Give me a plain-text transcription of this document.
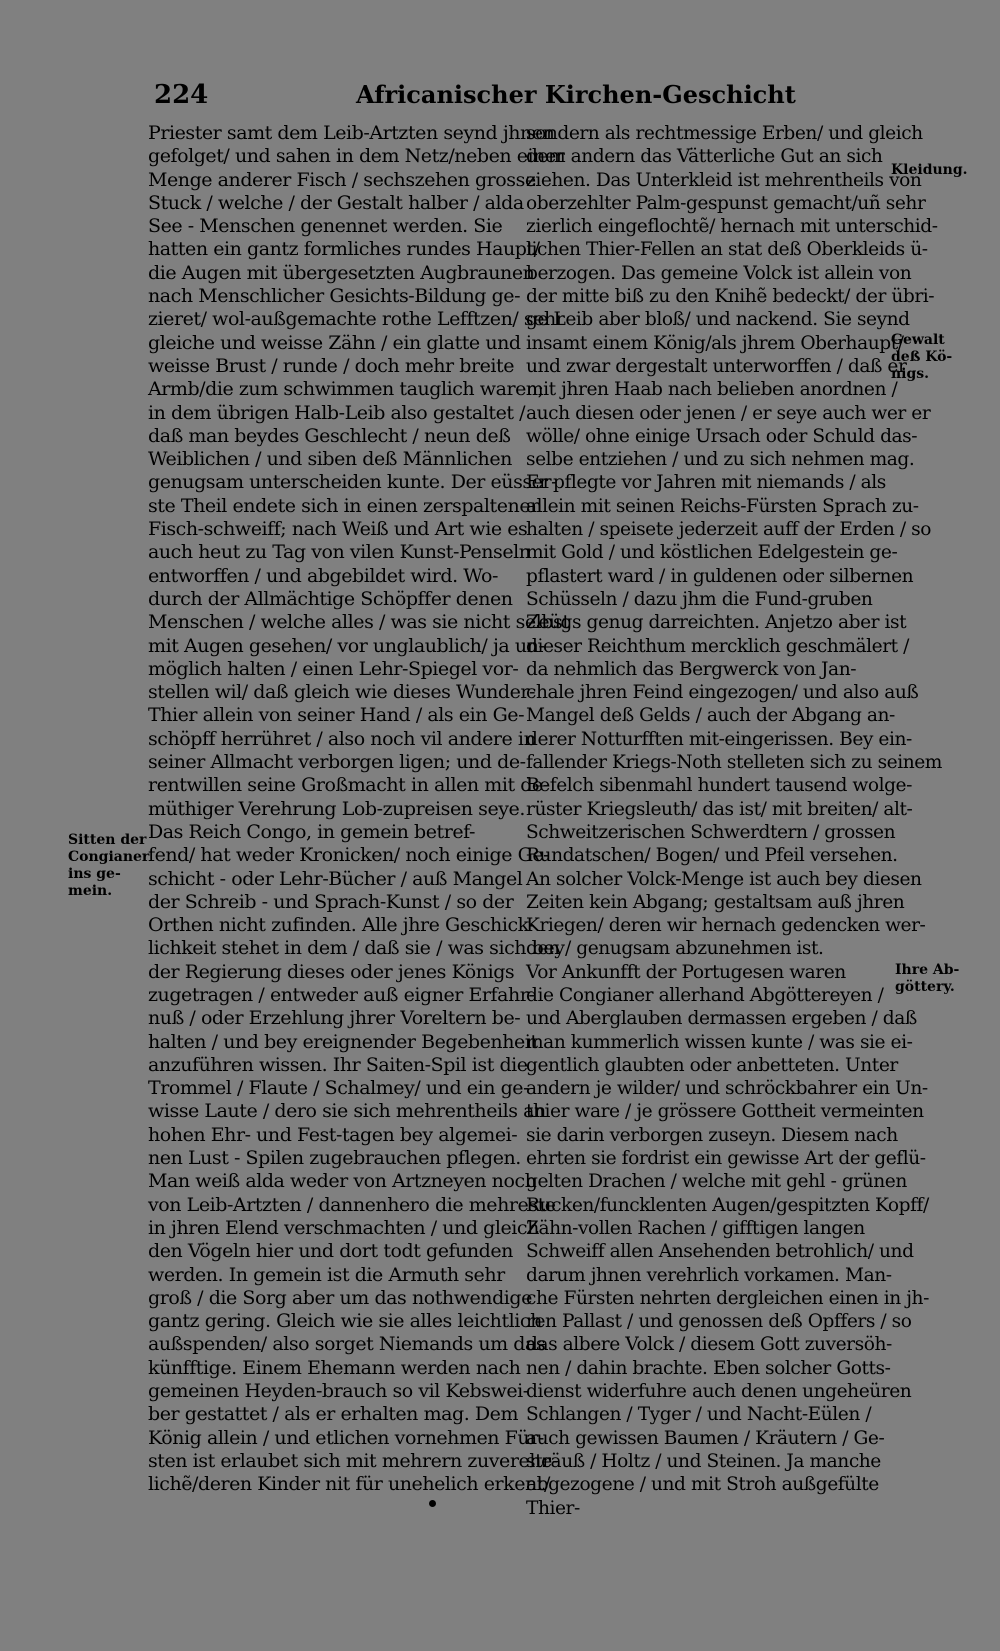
224	Africanischer Kirchen-Geschicht
Priester samt dem Leib-Artzten seynd jhnen
gefolget/ und sahen in dem Netz/neben einer
Menge anderer Fisch / sechszehen grosse
Stuck / welche / der Gestalt halber / alda
See - Menschen genennet werden. Sie
hatten ein gantz formliches rundes Haupt/
die Augen mit übergesetzten Augbraunen
nach Menschlicher Gesichts-Bildung ge-
zieret/ wol-außgemachte rothe Lefftzen/ sehr
gleiche und weisse Zähn / ein glatte und
weisse Brust / runde / doch mehr breite
Armb/die zum schwimmen tauglich waren;
in dem übrigen Halb-Leib also gestaltet /
daß man beydes Geschlecht / neun deß
Weiblichen / und siben deß Männlichen
genugsam unterscheiden kunte. Der eüsser-
ste Theil endete sich in einen zerspaltenen
Fisch-schweiff; nach Weiß und Art wie es
auch heut zu Tag von vilen Kunst-Penseln
entworffen / und abgebildet wird. Wo-
durch der Allmächtige Schöpffer denen
Menschen / welche alles / was sie nicht selbst
mit Augen gesehen/ vor unglaublich/ ja un-
möglich halten / einen Lehr-Spiegel vor-
stellen wil/ daß gleich wie dieses Wunder-
Thier allein von seiner Hand / als ein Ge-
schöpff herrühret / also noch vil andere in
seiner Allmacht verborgen ligen; und de-
rentwillen seine Großmacht in allen mit de-
müthiger Verehrung Lob-zupreisen seye.
Das Reich Congo, in gemein betref-
fend/ hat weder Kronicken/ noch einige Ge-
schicht - oder Lehr-Bücher / auß Mangel
der Schreib - und Sprach-Kunst / so der
Orthen nicht zufinden. Alle jhre Geschick-
lichkeit stehet in dem / daß sie / was sich bey
der Regierung dieses oder jenes Königs
zugetragen / entweder auß eigner Erfahr-
nuß / oder Erzehlung jhrer Voreltern be-
halten / und bey ereignender Begebenheit
anzuführen wissen. Ihr Saiten-Spil ist die
Trommel / Flaute / Schalmey/ und ein ge-
wisse Laute / dero sie sich mehrentheils an
hohen Ehr- und Fest-tagen bey algemei-
nen Lust - Spilen zugebrauchen pflegen.
Man weiß alda weder von Artzneyen noch
von Leib-Artzten / dannenhero die mehreste
in jhren Elend verschmachten / und gleich
den Vögeln hier und dort todt gefunden
werden. In gemein ist die Armuth sehr
groß / die Sorg aber um das nothwendige
gantz gering. Gleich wie sie alles leichtlich
außspenden/ also sorget Niemands um das
künfftige. Einem Ehemann werden nach
gemeinen Heyden-brauch so vil Kebswei-
ber gestattet / als er erhalten mag. Dem
König allein / und etlichen vornehmen Für-
sten ist erlaubet sich mit mehrern zuverehe-
lichẽ/deren Kinder nit für unehelich erkent/
sondern als rechtmessige Erben/ und gleich
dem andern das Vätterliche Gut an sich
ziehen. Das Unterkleid ist mehrentheils von
oberzehlter Palm-gespunst gemacht/uñ sehr
zierlich eingeflochtẽ/ hernach mit unterschid-
lichen Thier-Fellen an stat deß Oberkleids ü-
berzogen. Das gemeine Volck ist allein von
der mitte biß zu den Knihẽ bedeckt/ der übri-
ge Leib aber bloß/ und nackend. Sie seynd
insamt einem König/als jhrem Oberhaupt/
und zwar dergestalt unterworffen / daß er
mit jhren Haab nach belieben anordnen /
auch diesen oder jenen / er seye auch wer er
wölle/ ohne einige Ursach oder Schuld das-
selbe entziehen / und zu sich nehmen mag.
Er pflegte vor Jahren mit niemands / als
allein mit seinen Reichs-Fürsten Sprach zu-
halten / speisete jederzeit auff der Erden / so
mit Gold / und köstlichen Edelgestein ge-
pflastert ward / in guldenen oder silbernen
Schüsseln / dazu jhm die Fund-gruben
Zeügs genug darreichten. Anjetzo aber ist
dieser Reichthum mercklich geschmälert /
da nehmlich das Bergwerck von Jan-
chale jhren Feind eingezogen/ und also auß
Mangel deß Gelds / auch der Abgang an-
derer Notturfften mit-eingerissen. Bey ein-
fallender Kriegs-Noth stelleten sich zu seinem
Befelch sibenmahl hundert tausend wolge-
rüster Kriegsleuth/ das ist/ mit breiten/ alt-
Schweitzerischen Schwerdtern / grossen
Rundatschen/ Bogen/ und Pfeil versehen.
An solcher Volck-Menge ist auch bey diesen
Zeiten kein Abgang; gestaltsam auß jhren
Kriegen/ deren wir hernach gedencken wer-
den / genugsam abzunehmen ist.
Vor Ankunfft der Portugesen waren
die Congianer allerhand Abgöttereyen /
und Aberglauben dermassen ergeben / daß
man kummerlich wissen kunte / was sie ei-
gentlich glaubten oder anbetteten. Unter
andern je wilder/ und schröckbahrer ein Un-
thier ware / je grössere Gottheit vermeinten
sie darin verborgen zuseyn. Diesem nach
ehrten sie fordrist ein gewisse Art der geflü-
gelten Drachen / welche mit gehl - grünen
Rucken/funcklenten Augen/gespitzten Kopff/
Zähn-vollen Rachen / gifftigen langen
Schweiff allen Ansehenden betrohlich/ und
darum jhnen verehrlich vorkamen. Man-
che Fürsten nehrten dergleichen einen in jh-
ren Pallast / und genossen deß Opffers / so
das albere Volck / diesem Gott zuversöh-
nen / dahin brachte. Eben solcher Gotts-
dienst widerfuhre auch denen ungeheüren
Schlangen / Tyger / und Nacht-Eülen /
auch gewissen Baumen / Kräutern / Ge-
sträuß / Holtz / und Steinen. Ja manche
abgezogene / und mit Stroh außgefülte
Thier-
Sitten der
Congianer
ins ge-
mein.
Kleidung.
Gewalt
deß Kö-
nigs.
Ihre Ab-
göttery.
